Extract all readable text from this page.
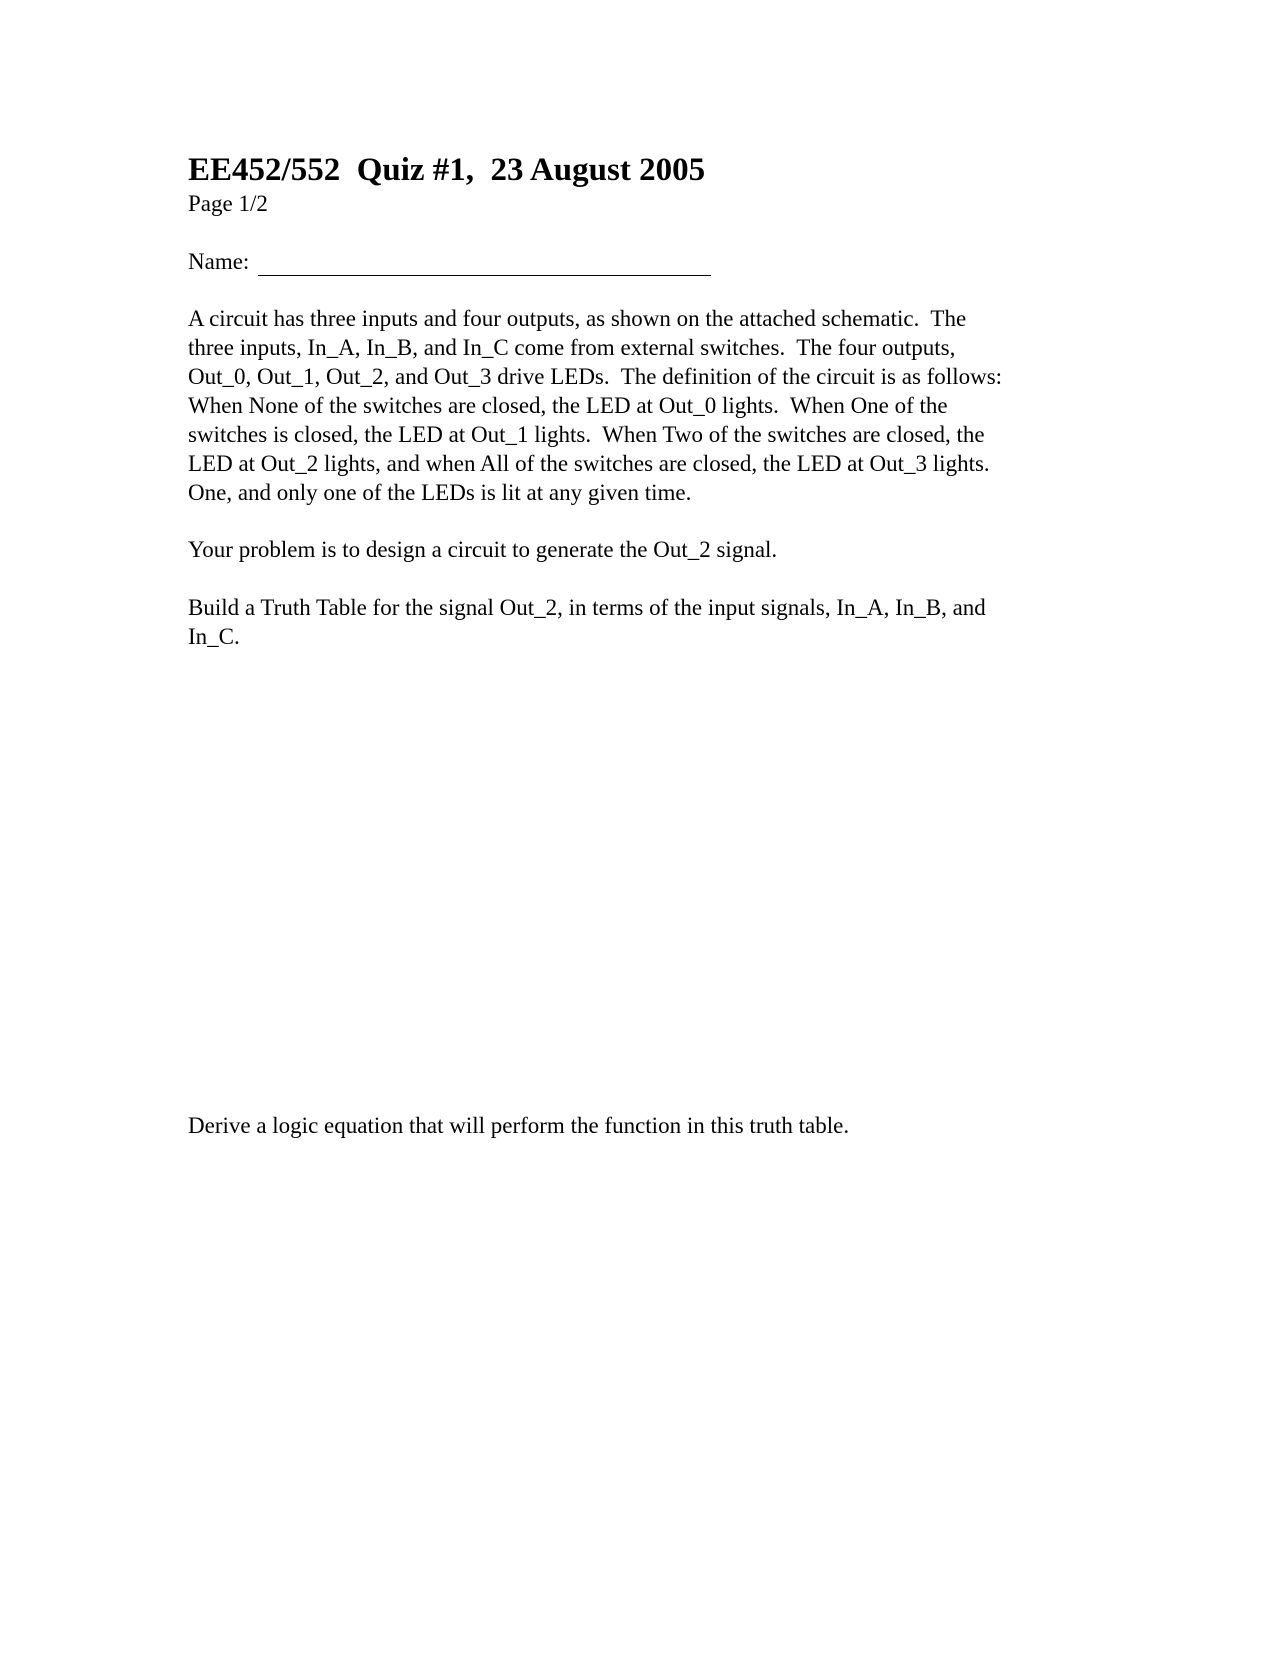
EE452/552  Quiz #1,  23 August 2005
Page 1/2
Name:
A circuit has three inputs and four outputs, as shown on the attached schematic.  The
three inputs, In_A, In_B, and In_C come from external switches.  The four outputs,
Out_0, Out_1, Out_2, and Out_3 drive LEDs.  The definition of the circuit is as follows:
When None of the switches are closed, the LED at Out_0 lights.  When One of the
switches is closed, the LED at Out_1 lights.  When Two of the switches are closed, the
LED at Out_2 lights, and when All of the switches are closed, the LED at Out_3 lights.
One, and only one of the LEDs is lit at any given time.
Your problem is to design a circuit to generate the Out_2 signal.
Build a Truth Table for the signal Out_2, in terms of the input signals, In_A, In_B, and
In_C.
Derive a logic equation that will perform the function in this truth table.
